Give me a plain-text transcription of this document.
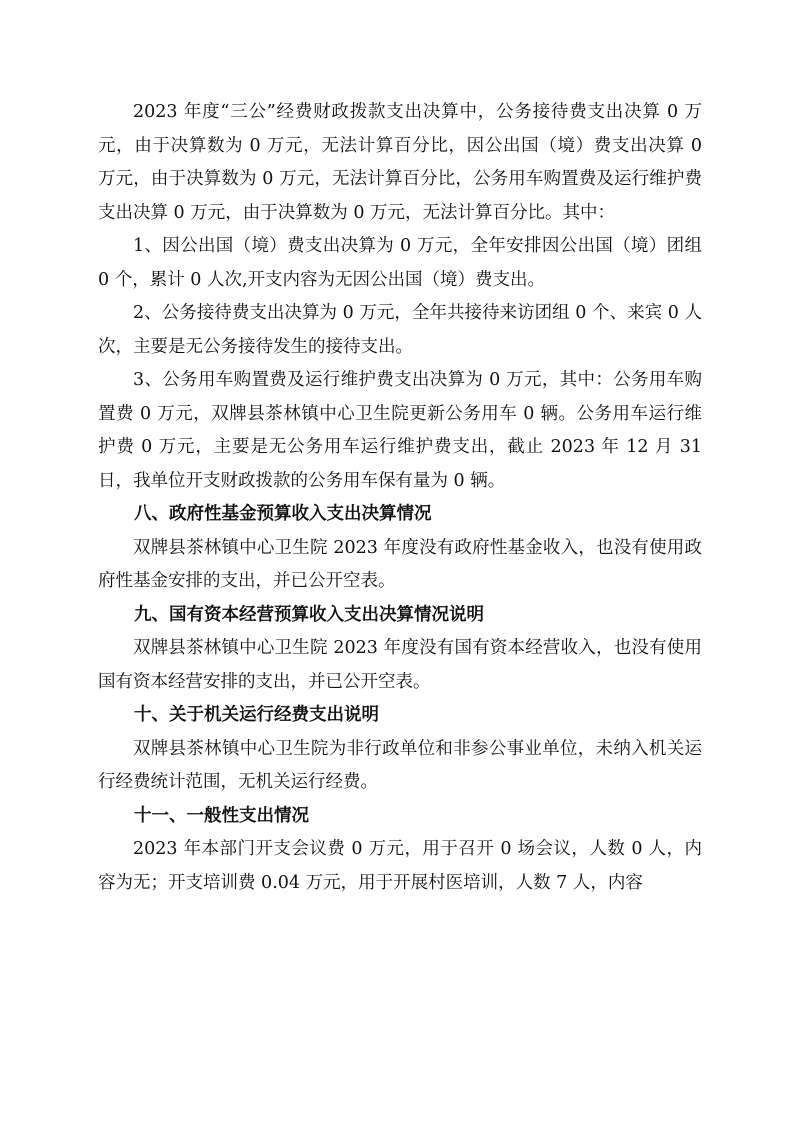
2023 年度“三公”经费财政拨款支出决算中，公务接待费支出决算 0 万元，由于决算数为 0 万元，无法计算百分比，因公出国（境）费支出决算 0 万元，由于决算数为 0 万元，无法计算百分比，公务用车购置费及运行维护费支出决算 0 万元，由于决算数为 0 万元，无法计算百分比。其中：

1、因公出国（境）费支出决算为 0 万元，全年安排因公出国（境）团组 0 个，累计 0 人次,开支内容为无因公出国（境）费支出。

2、公务接待费支出决算为 0 万元，全年共接待来访团组 0 个、来宾 0 人次，主要是无公务接待发生的接待支出。

3、公务用车购置费及运行维护费支出决算为 0 万元，其中：公务用车购置费 0 万元，双牌县茶林镇中心卫生院更新公务用车 0 辆。公务用车运行维护费 0 万元，主要是无公务用车运行维护费支出，截止 2023 年 12 月 31 日，我单位开支财政拨款的公务用车保有量为 0 辆。

八、政府性基金预算收入支出决算情况

双牌县茶林镇中心卫生院 2023 年度没有政府性基金收入，也没有使用政府性基金安排的支出，并已公开空表。

九、国有资本经营预算收入支出决算情况说明

双牌县茶林镇中心卫生院 2023 年度没有国有资本经营收入，也没有使用国有资本经营安排的支出，并已公开空表。

十、关于机关运行经费支出说明

双牌县茶林镇中心卫生院为非行政单位和非参公事业单位，未纳入机关运行经费统计范围，无机关运行经费。

十一、一般性支出情况

2023 年本部门开支会议费 0 万元，用于召开 0 场会议，人数 0 人，内容为无；开支培训费 0.04 万元，用于开展村医培训，人数 7 人，内容
